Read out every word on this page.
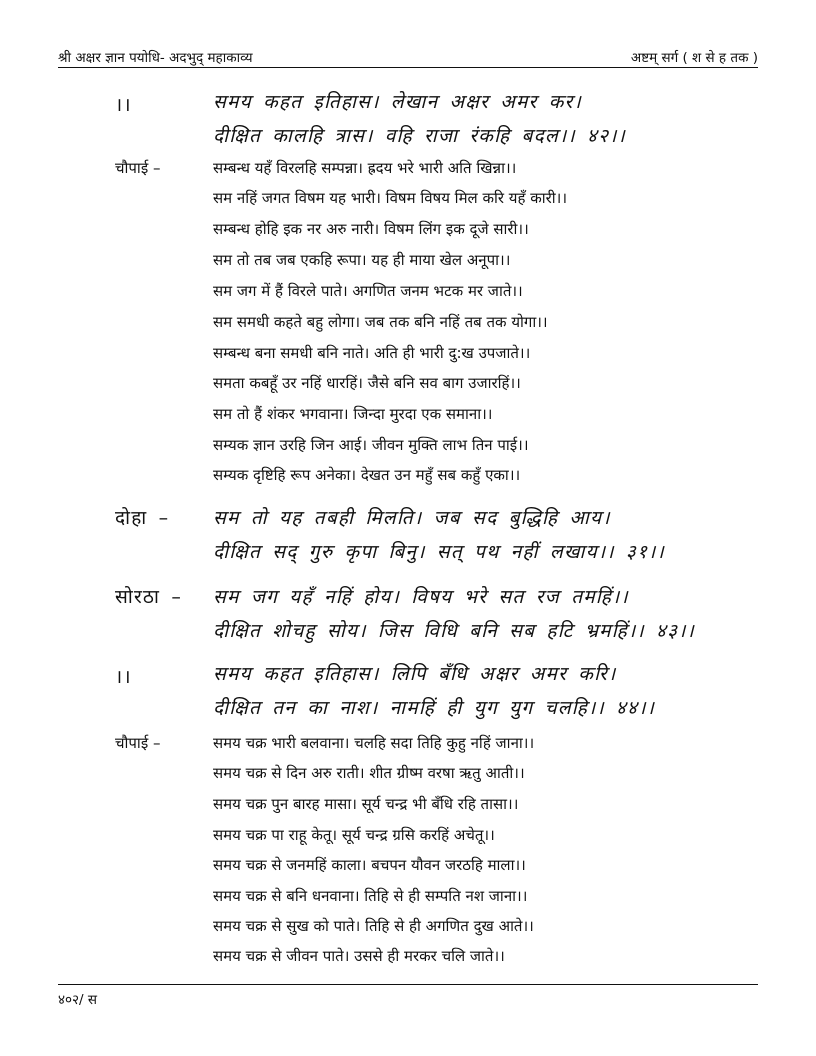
श्री अक्षर ज्ञान पयोधि- अदभुद् महाकाव्य	अष्टम् सर्ग ( श से ह तक )
।।	समय कहत इतिहास। लेखान अक्षर अमर कर।
दीक्षित कालहि त्रास। वहि राजा रंकहि बदल।। ४२।।
चौपाई –	सम्बन्ध यहँ विरलहि सम्पन्ना। ह्रदय भरे भारी अति खिन्ना।।
सम नहिं जगत विषम यह भारी। विषम विषय मिल करि यहँ कारी।।
सम्बन्ध होहि इक नर अरु नारी। विषम लिंग इक दूजे सारी।।
सम तो तब जब एकहि रूपा। यह ही माया खेल अनूपा।।
सम जग में हैं विरले पाते। अगणित जनम भटक मर जाते।।
सम समधी कहते बहु लोगा। जब तक बनि नहिं तब तक योगा।।
सम्बन्ध बना समधी बनि नाते। अति ही भारी दु:ख उपजाते।।
समता कबहूँ उर नहिं धारहिं। जैसे बनि सव बाग उजारहिं।।
सम तो हैं शंकर भगवाना। जिन्दा मुरदा एक समाना।।
सम्यक ज्ञान उरहि जिन आई। जीवन मुक्ति लाभ तिन पाई।।
सम्यक दृष्टिहि रूप अनेका। देखत उन महुँ सब कहुँ एका।।
दोहा – सम तो यह तबही मिलति। जब सद बुद्धिहि आय।
दीक्षित सद् गुरु कृपा बिनु। सत् पथ नहीं लखाय।। ३१।।
सोरठा – सम जग यहँ नहिं होय। विषय भरे सत रज तमहिं।।
दीक्षित शोचहु सोय। जिस विधि बनि सब हटि भ्रमहिं।। ४३।।
।।	समय कहत इतिहास। लिपि बँधि अक्षर अमर करि।
दीक्षित तन का नाश। नामहिं ही युग युग चलहि।। ४४।।
चौपाई –	समय चक्र भारी बलवाना। चलहि सदा तिहि कुहु नहिं जाना।।
समय चक्र से दिन अरु राती। शीत ग्रीष्म वरषा ऋतु आती।।
समय चक्र पुन बारह मासा। सूर्य चन्द्र भी बँधि रहि तासा।।
समय चक्र पा राहू केतू। सूर्य चन्द्र ग्रसि करहिं अचेतू।।
समय चक्र से जनमहिं काला। बचपन यौवन जरठहि माला।।
समय चक्र से बनि धनवाना। तिहि से ही सम्पति नश जाना।।
समय चक्र से सुख को पाते। तिहि से ही अगणित दुख आते।।
समय चक्र से जीवन पाते। उससे ही मरकर चलि जाते।।
४०२/ स
